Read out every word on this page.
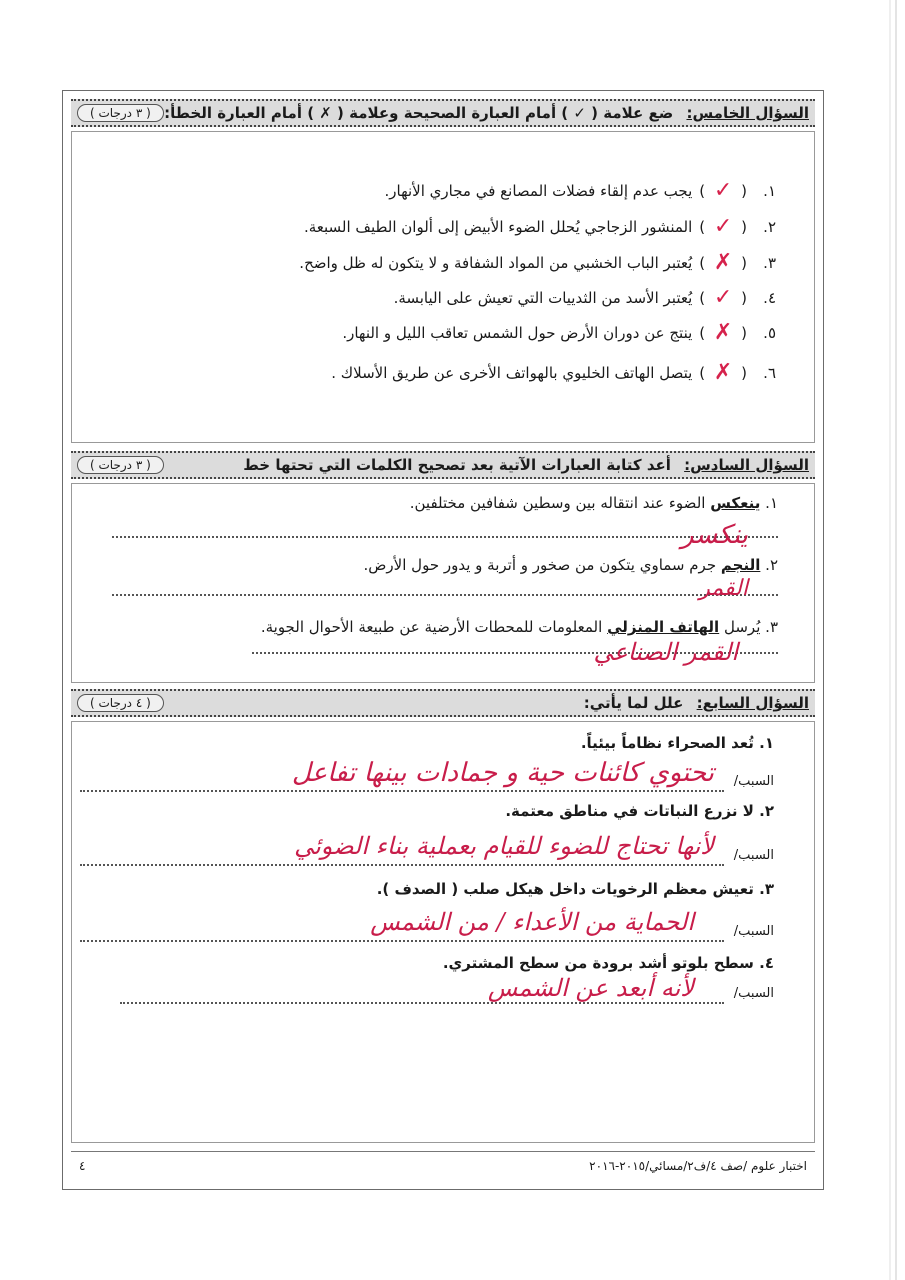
السؤال الخامس: ضع علامة ( ✓ ) أمام العبارة الصحيحة وعلامة ( ✗ ) أمام العبارة الخطأ:
( ٣ درجات )
١.
(
✓
)
يجب عدم إلقاء فضلات المصانع في مجاري الأنهار.
٢.
(
✓
)
المنشور الزجاجي يُحلل الضوء الأبيض إلى ألوان الطيف السبعة.
٣.
(
✗
)
يُعتبر الباب الخشبي من المواد الشفافة و لا يتكون له ظل واضح.
٤.
(
✓
)
يُعتبر الأسد من الثدييات التي تعيش على اليابسة.
٥.
(
✗
)
ينتج عن دوران الأرض حول الشمس تعاقب الليل و النهار.
٦.
(
✗
)
يتصل الهاتف الخليوي بالهواتف الأخرى عن طريق الأسلاك .
السؤال السادس: أعد كتابة العبارات الآتية بعد تصحيح الكلمات التي تحتها خط
( ٣ درجات )
١. ينعكس الضوء عند انتقاله بين وسطين شفافين مختلفين.
ينكسر
٢. النجم جرم سماوي يتكون من صخور و أتربة و يدور حول الأرض.
القمر
٣. يُرسل الهاتف المنزلي المعلومات للمحطات الأرضية عن طبيعة الأحوال الجوية.
القمر الصناعي
السؤال السابع: علل لما يأتي:
( ٤ درجات )
١. تُعد الصحراء نظاماً بيئياً.
السبب/
تحتوي كائنات حية و جمادات بينها تفاعل
٢. لا نزرع النباتات في مناطق معتمة.
السبب/
لأنها تحتاج للضوء للقيام بعملية بناء الضوئي
٣. تعيش معظم الرخويات داخل هيكل صلب ( الصدف ).
السبب/
الحماية من الأعداء / من الشمس
٤. سطح بلوتو أشد برودة من سطح المشتري.
السبب/
لأنه أبعد عن الشمس
اختبار علوم /صف ٤/ف٢/مسائي/٢٠١٥-٢٠١٦
٤
